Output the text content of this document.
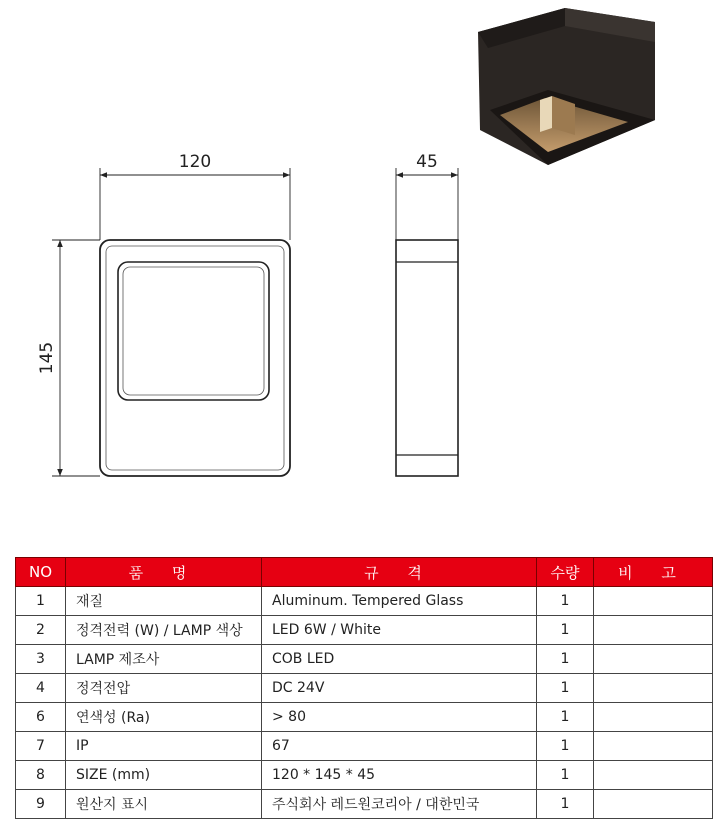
120	45
145
NO	품 명	규 격	수량	비 고
1	재질	Aluminum. Tempered Glass	1	
2	정격전력 (W) / LAMP 색상	LED 6W / White	1	
3	LAMP 제조사	COB LED	1	
4	정격전압	DC 24V	1	
6	연색성 (Ra)	> 80	1	
7	IP	67	1	
8	SIZE (mm)	120 * 145 * 45	1	
9	원산지 표시	주식회사 레드원코리아 / 대한민국	1	
